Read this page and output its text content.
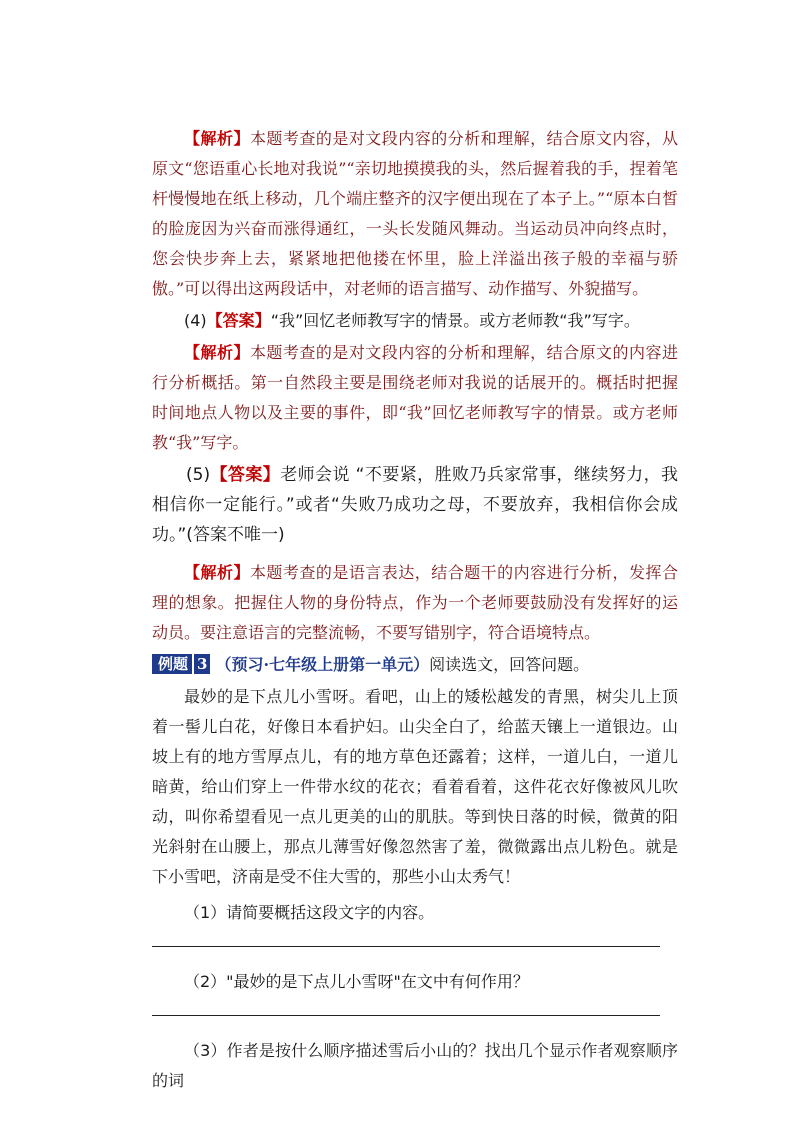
【解析】本题考查的是对文段内容的分析和理解，结合原文内容，从原文“您语重心长地对我说”“亲切地摸摸我的头，然后握着我的手，捏着笔杆慢慢地在纸上移动，几个端庄整齐的汉字便出现在了本子上。”“原本白皙的脸庞因为兴奋而涨得通红，一头长发随风舞动。当运动员冲向终点时，您会快步奔上去，紧紧地把他搂在怀里，脸上洋溢出孩子般的幸福与骄傲。”可以得出这两段话中，对老师的语言描写、动作描写、外貌描写。

(4)【答案】“我”回忆老师教写字的情景。或方老师教“我”写字。

【解析】本题考查的是对文段内容的分析和理解，结合原文的内容进行分析概括。第一自然段主要是围绕老师对我说的话展开的。概括时把握时间地点人物以及主要的事件，即“我”回忆老师教写字的情景。或方老师教“我”写字。

(5)【答案】老师会说 “不要紧，胜败乃兵家常事，继续努力，我相信你一定能行。”或者“失败乃成功之母，不要放弃，我相信你会成功。”(答案不唯一)

【解析】本题考查的是语言表达，结合题干的内容进行分析，发挥合理的想象。把握住人物的身份特点，作为一个老师要鼓励没有发挥好的运动员。要注意语言的完整流畅，不要写错别字，符合语境特点。

例题 3 （预习·七年级上册第一单元）阅读选文，回答问题。

最妙的是下点儿小雪呀。看吧，山上的矮松越发的青黑，树尖儿上顶着一髻儿白花，好像日本看护妇。山尖全白了，给蓝天镶上一道银边。山坡上有的地方雪厚点儿，有的地方草色还露着；这样，一道儿白，一道儿暗黄，给山们穿上一件带水纹的花衣；看着看着，这件花衣好像被风儿吹动，叫你希望看见一点儿更美的山的肌肤。等到快日落的时候，微黄的阳光斜射在山腰上，那点儿薄雪好像忽然害了羞，微微露出点儿粉色。就是下小雪吧，济南是受不住大雪的，那些小山太秀气！

（1）请简要概括这段文字的内容。

（2）"最妙的是下点儿小雪呀"在文中有何作用？

（3）作者是按什么顺序描述雪后小山的？找出几个显示作者观察顺序的词
